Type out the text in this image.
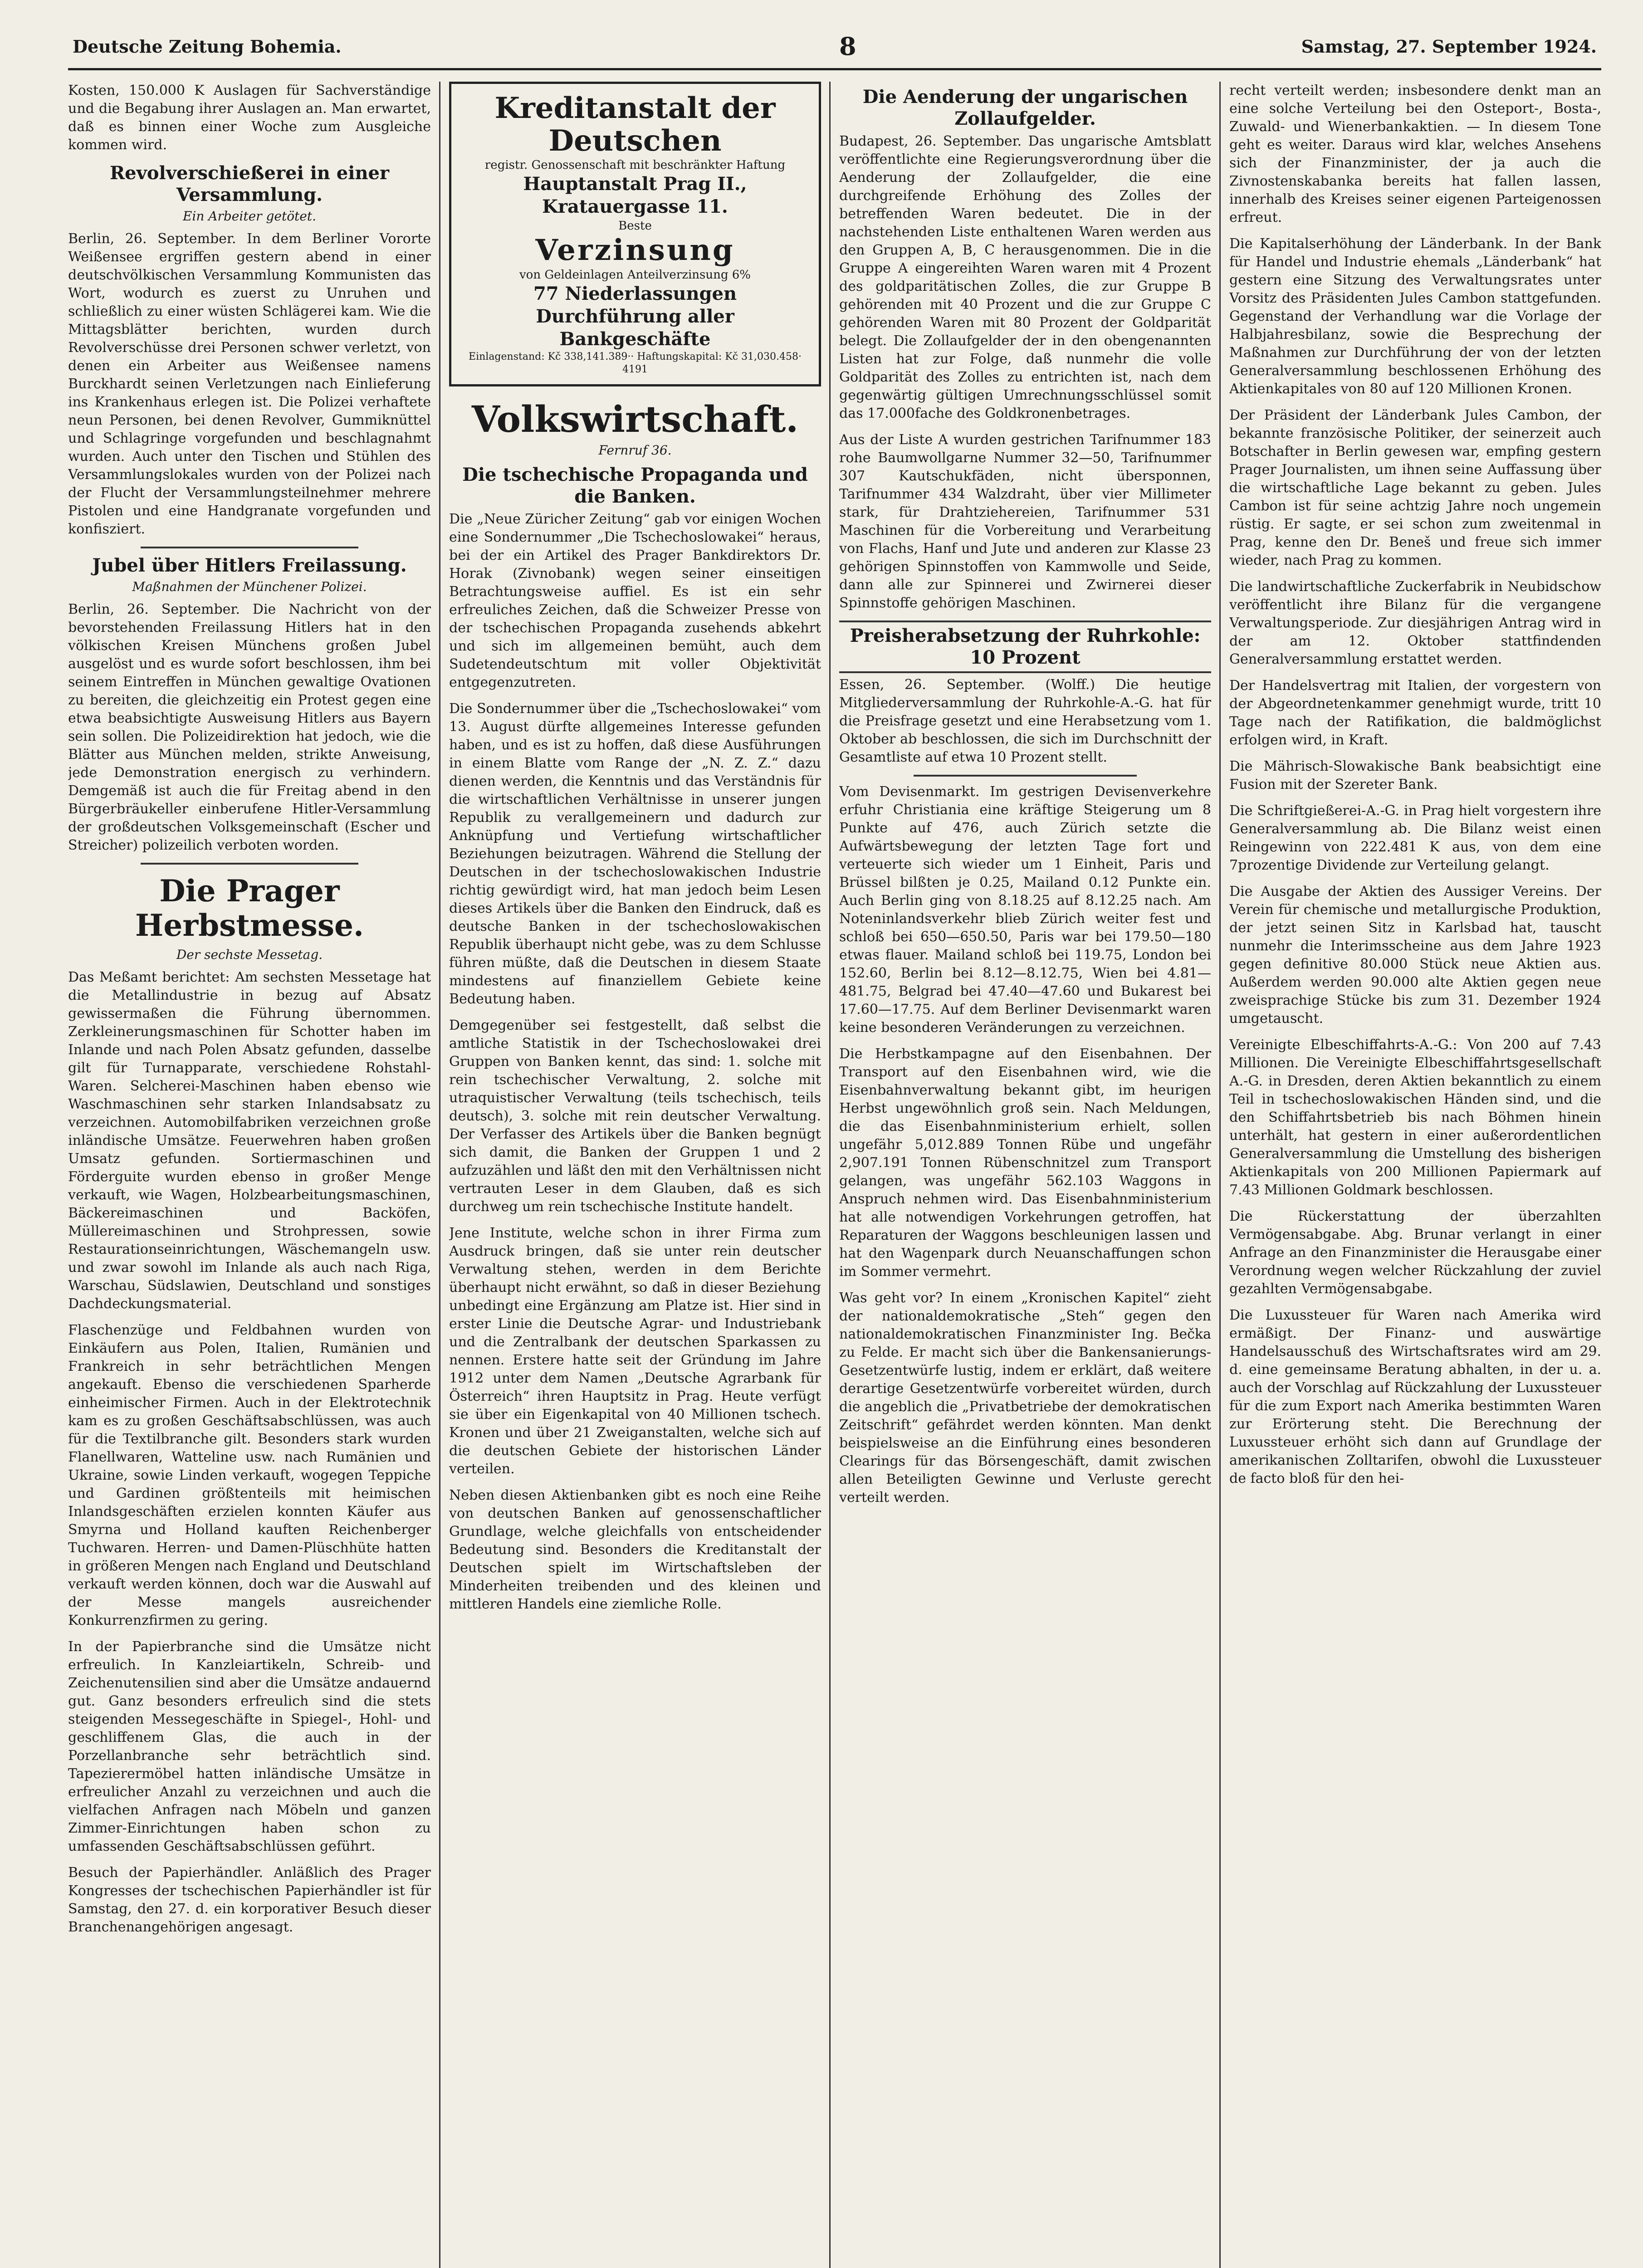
Deutsche Zeitung Bohemia.	8	Samstag, 27. September 1924.

Kosten, 150.000 K Auslagen für Sachverständige und die Begabung ihrer Auslagen an. Man erwartet, daß es binnen einer Woche zum Ausgleiche kommen wird.

Revolverschießerei in einer Versammlung.
Ein Arbeiter getötet.

Berlin, 26. September. In dem Berliner Vororte Weißensee ergriffen gestern abend in einer deutschvölkischen Versammlung Kommunisten das Wort, wodurch es zuerst zu Unruhen und schließlich zu einer wüsten Schlägerei kam. Wie die Mittagsblätter berichten, wurden durch Revolverschüsse drei Personen schwer verletzt, von denen ein Arbeiter aus Weißensee namens Burckhardt seinen Verletzungen nach Einlieferung ins Krankenhaus erlegen ist. Die Polizei verhaftete neun Personen, bei denen Revolver, Gummiknüttel und Schlagringe vorgefunden und beschlagnahmt wurden. Auch unter den Tischen und Stühlen des Versammlungslokales wurden von der Polizei nach der Flucht der Versammlungsteilnehmer mehrere Pistolen und eine Handgranate vorgefunden und konfisziert.

Jubel über Hitlers Freilassung.
Maßnahmen der Münchener Polizei.

Berlin, 26. September. Die Nachricht von der bevorstehenden Freilassung Hitlers hat in den völkischen Kreisen Münchens großen Jubel ausgelöst und es wurde sofort beschlossen, ihm bei seinem Eintreffen in München gewaltige Ovationen zu bereiten, die gleichzeitig ein Protest gegen eine etwa beabsichtigte Ausweisung Hitlers aus Bayern sein sollen. Die Polizeidirektion hat jedoch, wie die Blätter aus München melden, strikte Anweisung, jede Demonstration energisch zu verhindern. Demgemäß ist auch die für Freitag abend in den Bürgerbräukeller einberufene Hitler-Versammlung der großdeutschen Volksgemeinschaft (Escher und Streicher) polizeilich verboten worden.

Die Prager Herbstmesse.
Der sechste Messetag.

Das Meßamt berichtet: Am sechsten Messetage hat die Metallindustrie in bezug auf Absatz gewissermaßen die Führung übernommen. Zerkleinerungsmaschinen für Schotter haben im Inlande und nach Polen Absatz gefunden, dasselbe gilt für Turnapparate, verschiedene Rohstahl-Waren. Selcherei-Maschinen haben ebenso wie Waschmaschinen sehr starken Inlandsabsatz zu verzeichnen. Automobilfabriken verzeichnen große inländische Umsätze. Feuerwehren haben großen Umsatz gefunden. Sortiermaschinen und Förderguite wurden ebenso in großer Menge verkauft, wie Wagen, Holzbearbeitungsmaschinen, Bäckereimaschinen und Backöfen, Müllereimaschinen und Strohpressen, sowie Restaurationseinrichtungen, Wäschemangeln usw. und zwar sowohl im Inlande als auch nach Riga, Warschau, Südslawien, Deutschland und sonstiges Dachdeckungsmaterial.

Flaschenzüge und Feldbahnen wurden von Einkäufern aus Polen, Italien, Rumänien und Frankreich in sehr beträchtlichen Mengen angekauft. Ebenso die verschiedenen Sparherde einheimischer Firmen. Auch in der Elektrotechnik kam es zu großen Geschäftsabschlüssen, was auch für die Textilbranche gilt. Besonders stark wurden Flanellwaren, Watteline usw. nach Rumänien und Ukraine, sowie Linden verkauft, wogegen Teppiche und Gardinen größtenteils mit heimischen Inlandsgeschäften erzielen konnten Käufer aus Smyrna und Holland kauften Reichenberger Tuchwaren. Herren- und Damen-Plüschhüte hatten in größeren Mengen nach England und Deutschland verkauft werden können, doch war die Auswahl auf der Messe mangels ausreichender Konkurrenzfirmen zu gering.

In der Papierbranche sind die Umsätze nicht erfreulich. In Kanzleiartikeln, Schreib- und Zeichenutensilien sind aber die Umsätze andauernd gut. Ganz besonders erfreulich sind die stets steigenden Messegeschäfte in Spiegel-, Hohl- und geschliffenem Glas, die auch in der Porzellanbranche sehr beträchtlich sind. Tapezierermöbel hatten inländische Umsätze in erfreulicher Anzahl zu verzeichnen und auch die vielfachen Anfragen nach Möbeln und ganzen Zimmer-Einrichtungen haben schon zu umfassenden Geschäftsabschlüssen geführt.

Besuch der Papierhändler. Anläßlich des Prager Kongresses der tschechischen Papierhändler ist für Samstag, den 27. d. ein korporativer Besuch dieser Branchenangehörigen angesagt.

Kreditanstalt der Deutschen
registr. Genossenschaft mit beschränkter Haftung
Hauptanstalt Prag II., Kratauergasse 11.
Beste
Verzinsung
von Geldeinlagen Anteilverzinsung 6%
77 Niederlassungen
Durchführung aller Bankgeschäfte
Einlagenstand: Kč 338,141.389·· Haftungskapital: Kč 31,030.458·
4191
Volkswirtschaft.
Fernruf 36.
Die tschechische Propaganda und die Banken.

Die „Neue Züricher Zeitung“ gab vor einigen Wochen eine Sondernummer „Die Tschechoslowakei“ heraus, bei der ein Artikel des Prager Bankdirektors Dr. Horak (Zivnobank) wegen seiner einseitigen Betrachtungsweise auffiel. Es ist ein sehr erfreuliches Zeichen, daß die Schweizer Presse von der tschechischen Propaganda zusehends abkehrt und sich im allgemeinen bemüht, auch dem Sudetendeutschtum mit voller Objektivität entgegenzutreten.

Die Sondernummer über die „Tschechoslowakei“ vom 13. August dürfte allgemeines Interesse gefunden haben, und es ist zu hoffen, daß diese Ausführungen in einem Blatte vom Range der „N. Z. Z.“ dazu dienen werden, die Kenntnis und das Verständnis für die wirtschaftlichen Verhältnisse in unserer jungen Republik zu verallgemeinern und dadurch zur Anknüpfung und Vertiefung wirtschaftlicher Beziehungen beizutragen. Während die Stellung der Deutschen in der tschechoslowakischen Industrie richtig gewürdigt wird, hat man jedoch beim Lesen dieses Artikels über die Banken den Eindruck, daß es deutsche Banken in der tschechoslowakischen Republik überhaupt nicht gebe, was zu dem Schlusse führen müßte, daß die Deutschen in diesem Staate mindestens auf finanziellem Gebiete keine Bedeutung haben.

Demgegenüber sei festgestellt, daß selbst die amtliche Statistik in der Tschechoslowakei drei Gruppen von Banken kennt, das sind: 1. solche mit rein tschechischer Verwaltung, 2. solche mit utraquistischer Verwaltung (teils tschechisch, teils deutsch), 3. solche mit rein deutscher Verwaltung. Der Verfasser des Artikels über die Banken begnügt sich damit, die Banken der Gruppen 1 und 2 aufzuzählen und läßt den mit den Verhältnissen nicht vertrauten Leser in dem Glauben, daß es sich durchweg um rein tschechische Institute handelt.

Jene Institute, welche schon in ihrer Firma zum Ausdruck bringen, daß sie unter rein deutscher Verwaltung stehen, werden in dem Berichte überhaupt nicht erwähnt, so daß in dieser Beziehung unbedingt eine Ergänzung am Platze ist. Hier sind in erster Linie die Deutsche Agrar- und Industriebank und die Zentralbank der deutschen Sparkassen zu nennen. Erstere hatte seit der Gründung im Jahre 1912 unter dem Namen „Deutsche Agrarbank für Österreich“ ihren Hauptsitz in Prag. Heute verfügt sie über ein Eigenkapital von 40 Millionen tschech. Kronen und über 21 Zweiganstalten, welche sich auf die deutschen Gebiete der historischen Länder verteilen.

Neben diesen Aktienbanken gibt es noch eine Reihe von deutschen Banken auf genossenschaftlicher Grundlage, welche gleichfalls von entscheidender Bedeutung sind. Besonders die Kreditanstalt der Deutschen spielt im Wirtschaftsleben der Minderheiten treibenden und des kleinen und mittleren Handels eine ziemliche Rolle.

Die Aenderung der ungarischen Zollaufgelder.

Budapest, 26. September. Das ungarische Amtsblatt veröffentlichte eine Regierungsverordnung über die Aenderung der Zollaufgelder, die eine durchgreifende Erhöhung des Zolles der betreffenden Waren bedeutet. Die in der nachstehenden Liste enthaltenen Waren werden aus den Gruppen A, B, C herausgenommen. Die in die Gruppe A eingereihten Waren waren mit 4 Prozent des goldparitätischen Zolles, die zur Gruppe B gehörenden mit 40 Prozent und die zur Gruppe C gehörenden Waren mit 80 Prozent der Goldparität belegt. Die Zollaufgelder der in den obengenannten Listen hat zur Folge, daß nunmehr die volle Goldparität des Zolles zu entrichten ist, nach dem gegenwärtig gültigen Umrechnungsschlüssel somit das 17.000fache des Goldkronenbetrages.

Aus der Liste A wurden gestrichen Tarifnummer 183 rohe Baumwollgarne Nummer 32—50, Tarifnummer 307 Kautschukfäden, nicht übersponnen, Tarifnummer 434 Walzdraht, über vier Millimeter stark, für Drahtziehereien, Tarifnummer 531 Maschinen für die Vorbereitung und Verarbeitung von Flachs, Hanf und Jute und anderen zur Klasse 23 gehörigen Spinnstoffen von Kammwolle und Seide, dann alle zur Spinnerei und Zwirnerei dieser Spinnstoffe gehörigen Maschinen.

Preisherabsetzung der Ruhrkohle: 10 Prozent

Essen, 26. September. (Wolff.) Die heutige Mitgliederversammlung der Ruhrkohle-A.-G. hat für die Preisfrage gesetzt und eine Herabsetzung vom 1. Oktober ab beschlossen, die sich im Durchschnitt der Gesamtliste auf etwa 10 Prozent stellt.

Vom Devisenmarkt. Im gestrigen Devisenverkehre erfuhr Christiania eine kräftige Steigerung um 8 Punkte auf 476, auch Zürich setzte die Aufwärtsbewegung der letzten Tage fort und verteuerte sich wieder um 1 Einheit, Paris und Brüssel bilßten je 0.25, Mailand 0.12 Punkte ein. Auch Berlin ging von 8.18.25 auf 8.12.25 nach. Am Noteninlandsverkehr blieb Zürich weiter fest und schloß bei 650—650.50, Paris war bei 179.50—180 etwas flauer. Mailand schloß bei 119.75, London bei 152.60, Berlin bei 8.12—8.12.75, Wien bei 4.81—481.75, Belgrad bei 47.40—47.60 und Bukarest bei 17.60—17.75. Auf dem Berliner Devisenmarkt waren keine besonderen Veränderungen zu verzeichnen.

Die Herbstkampagne auf den Eisenbahnen. Der Transport auf den Eisenbahnen wird, wie die Eisenbahnverwaltung bekannt gibt, im heurigen Herbst ungewöhnlich groß sein. Nach Meldungen, die das Eisenbahnministerium erhielt, sollen ungefähr 5,012.889 Tonnen Rübe und ungefähr 2,907.191 Tonnen Rübenschnitzel zum Transport gelangen, was ungefähr 562.103 Waggons in Anspruch nehmen wird. Das Eisenbahnministerium hat alle notwendigen Vorkehrungen getroffen, hat Reparaturen der Waggons beschleunigen lassen und hat den Wagenpark durch Neuanschaffungen schon im Sommer vermehrt.

Was geht vor? In einem „Kronischen Kapitel“ zieht der nationaldemokratische „Steh“ gegen den nationaldemokratischen Finanzminister Ing. Bečka zu Felde. Er macht sich über die Bankensanierungs-Gesetzentwürfe lustig, indem er erklärt, daß weitere derartige Gesetzentwürfe vorbereitet würden, durch die angeblich die „Privatbetriebe der demokratischen Zeitschrift“ gefährdet werden könnten. Man denkt beispielsweise an die Einführung eines besonderen Clearings für das Börsengeschäft, damit zwischen allen Beteiligten Gewinne und Verluste gerecht verteilt werden.

recht verteilt werden; insbesondere denkt man an eine solche Verteilung bei den Osteport-, Bosta-, Zuwald- und Wienerbankaktien. — In diesem Tone geht es weiter. Daraus wird klar, welches Ansehens sich der Finanzminister, der ja auch die Zivnostenskabanka bereits hat fallen lassen, innerhalb des Kreises seiner eigenen Parteigenossen erfreut.

Die Kapitalserhöhung der Länderbank. In der Bank für Handel und Industrie ehemals „Länderbank“ hat gestern eine Sitzung des Verwaltungsrates unter Vorsitz des Präsidenten Jules Cambon stattgefunden. Gegenstand der Verhandlung war die Vorlage der Halbjahresbilanz, sowie die Besprechung der Maßnahmen zur Durchführung der von der letzten Generalversammlung beschlossenen Erhöhung des Aktienkapitales von 80 auf 120 Millionen Kronen.

Der Präsident der Länderbank Jules Cambon, der bekannte französische Politiker, der seinerzeit auch Botschafter in Berlin gewesen war, empfing gestern Prager Journalisten, um ihnen seine Auffassung über die wirtschaftliche Lage bekannt zu geben. Jules Cambon ist für seine achtzig Jahre noch ungemein rüstig. Er sagte, er sei schon zum zweitenmal in Prag, kenne den Dr. Beneš und freue sich immer wieder, nach Prag zu kommen.

Die landwirtschaftliche Zuckerfabrik in Neubidschow veröffentlicht ihre Bilanz für die vergangene Verwaltungsperiode. Zur diesjährigen Antrag wird in der am 12. Oktober stattfindenden Generalversammlung erstattet werden.

Der Handelsvertrag mit Italien, der vorgestern von der Abgeordnetenkammer genehmigt wurde, tritt 10 Tage nach der Ratifikation, die baldmöglichst erfolgen wird, in Kraft.

Die Mährisch-Slowakische Bank beabsichtigt eine Fusion mit der Szereter Bank.

Die Schriftgießerei-A.-G. in Prag hielt vorgestern ihre Generalversammlung ab. Die Bilanz weist einen Reingewinn von 222.481 K aus, von dem eine 7prozentige Dividende zur Verteilung gelangt.

Die Ausgabe der Aktien des Aussiger Vereins. Der Verein für chemische und metallurgische Produktion, der jetzt seinen Sitz in Karlsbad hat, tauscht nunmehr die Interimsscheine aus dem Jahre 1923 gegen definitive 80.000 Stück neue Aktien aus. Außerdem werden 90.000 alte Aktien gegen neue zweisprachige Stücke bis zum 31. Dezember 1924 umgetauscht.

Vereinigte Elbeschiffahrts-A.-G.: Von 200 auf 7.43 Millionen. Die Vereinigte Elbeschiffahrtsgesellschaft A.-G. in Dresden, deren Aktien bekanntlich zu einem Teil in tschechoslowakischen Händen sind, und die den Schiffahrtsbetrieb bis nach Böhmen hinein unterhält, hat gestern in einer außerordentlichen Generalversammlung die Umstellung des bisherigen Aktienkapitals von 200 Millionen Papiermark auf 7.43 Millionen Goldmark beschlossen.

Die Rückerstattung der überzahlten Vermögensabgabe. Abg. Brunar verlangt in einer Anfrage an den Finanzminister die Herausgabe einer Verordnung wegen welcher Rückzahlung der zuviel gezahlten Vermögensabgabe.

Die Luxussteuer für Waren nach Amerika wird ermäßigt. Der Finanz- und auswärtige Handelsausschuß des Wirtschaftsrates wird am 29. d. eine gemeinsame Beratung abhalten, in der u. a. auch der Vorschlag auf Rückzahlung der Luxussteuer für die zum Export nach Amerika bestimmten Waren zur Erörterung steht. Die Berechnung der Luxussteuer erhöht sich dann auf Grundlage der amerikanischen Zolltarifen, obwohl die Luxussteuer de facto bloß für den hei-
